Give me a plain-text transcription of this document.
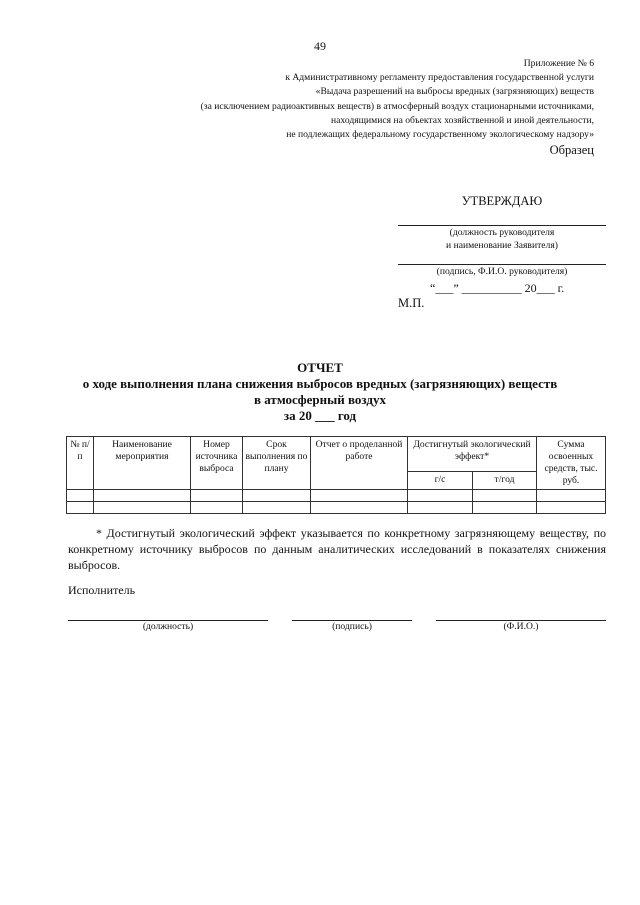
49
Приложение № 6
к Административному регламенту предоставления государственной услуги
«Выдача разрешений на выбросы вредных (загрязняющих) веществ
(за исключением радиоактивных веществ) в атмосферный воздух стационарными источниками,
находящимися на объектах хозяйственной и иной деятельности,
не подлежащих федеральному государственному экологическому надзору»
Образец
УТВЕРЖДАЮ
(должность руководителя
и наименование Заявителя)
(подпись, Ф.И.О. руководителя)
“___” __________ 20___ г.
М.П.
ОТЧЕТ
о ходе выполнения плана снижения выбросов вредных (загрязняющих) веществ
в атмосферный воздух
за 20 ___ год
№ п/п	Наименование мероприятия	Номер источника выброса	Срок выполнения по плану	Отчет о проделанной работе	Достигнутый экологический эффект*		Сумма освоенных средств, тыс. руб.
					г/с	т/год	

* Достигнутый экологический эффект указывается по конкретному загрязняющему веществу, по конкретному источнику выбросов по данным аналитических исследований в показателях снижения выбросов.

Исполнитель
(должность)	(подпись)	(Ф.И.О.)
